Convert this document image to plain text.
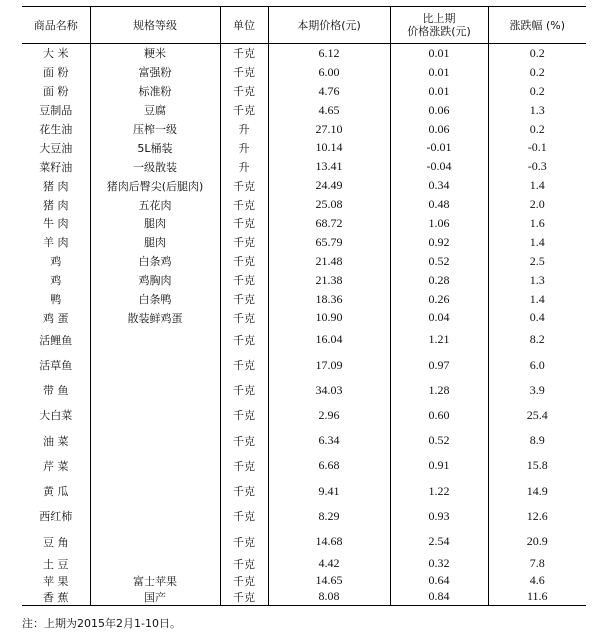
商品名称	规格等级	单位	本期价格(元)	比上期
价格涨跌(元)	涨跌幅 (%)
大 米	粳米	千克	6.12	0.01	0.2
面 粉	富强粉	千克	6.00	0.01	0.2
面 粉	标准粉	千克	4.76	0.01	0.2
豆制品	豆腐	千克	4.65	0.06	1.3
花生油	压榨一级	升	27.10	0.06	0.2
大豆油	5L桶装	升	10.14	-0.01	-0.1
菜籽油	一级散装	升	13.41	-0.04	-0.3
猪 肉	猪肉后臀尖(后腿肉)	千克	24.49	0.34	1.4
猪 肉	五花肉	千克	25.08	0.48	2.0
牛 肉	腿肉	千克	68.72	1.06	1.6
羊 肉	腿肉	千克	65.79	0.92	1.4
鸡	白条鸡	千克	21.48	0.52	2.5
鸡	鸡胸肉	千克	21.38	0.28	1.3
鸭	白条鸭	千克	18.36	0.26	1.4
鸡 蛋	散装鲜鸡蛋	千克	10.90	0.04	0.4
活鲤鱼		千克	16.04	1.21	8.2
活草鱼		千克	17.09	0.97	6.0
带 鱼		千克	34.03	1.28	3.9
大白菜		千克	2.96	0.60	25.4
油 菜		千克	6.34	0.52	8.9
芹 菜		千克	6.68	0.91	15.8
黄 瓜		千克	9.41	1.22	14.9
西红柿		千克	8.29	0.93	12.6
豆 角		千克	14.68	2.54	20.9
土 豆		千克	4.42	0.32	7.8
苹 果	富士苹果	千克	14.65	0.64	4.6
香 蕉	国产	千克	8.08	0.84	11.6
注：上期为2015年2月1-10日。
